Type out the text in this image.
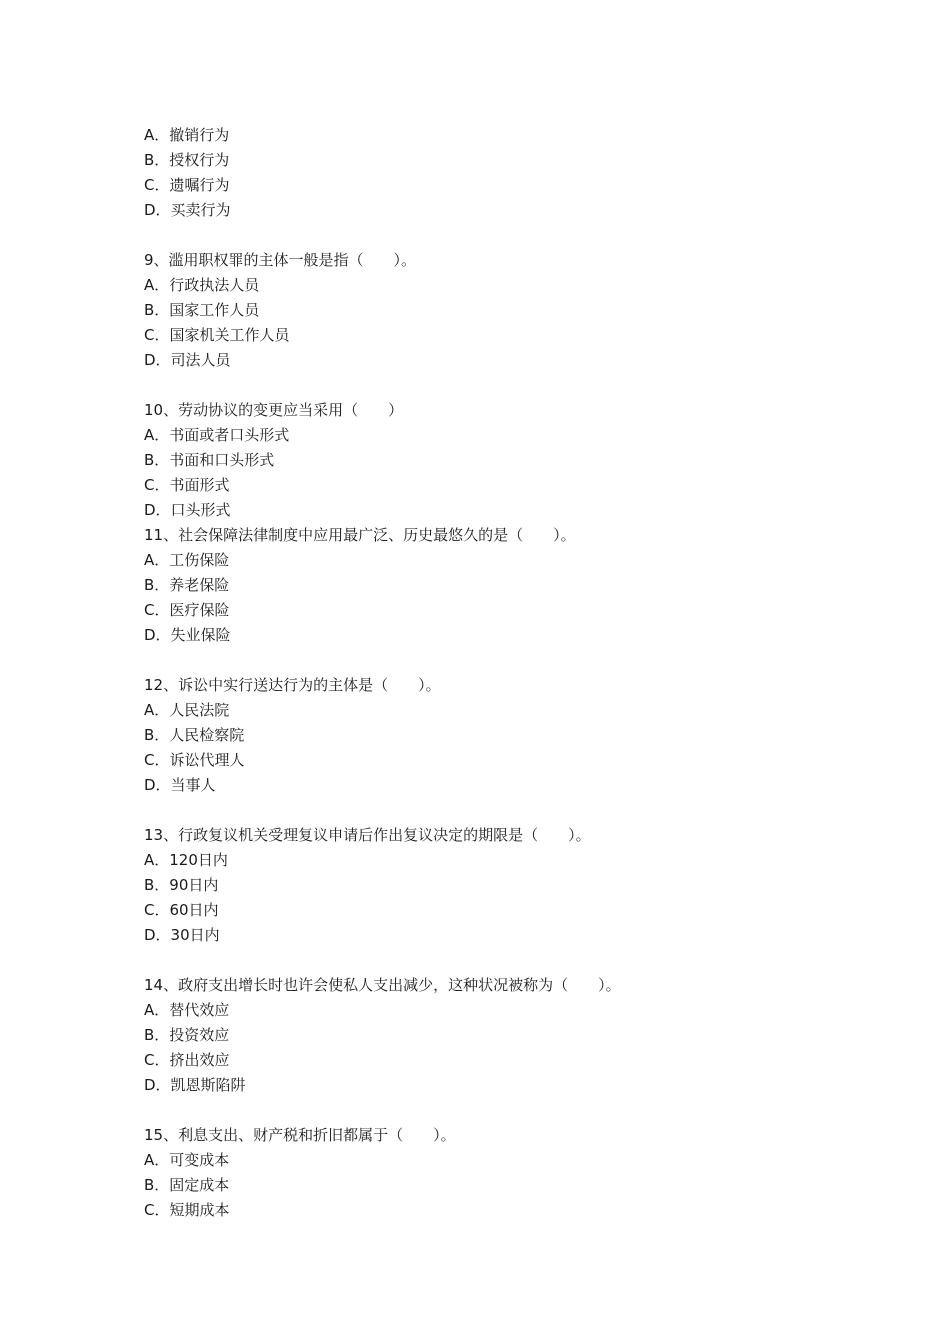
A．撤销行为
B．授权行为
C．遗嘱行为
D．买卖行为
9、滥用职权罪的主体一般是指（　　）。
A．行政执法人员
B．国家工作人员
C．国家机关工作人员
D．司法人员
10、劳动协议的变更应当采用（　　）
A．书面或者口头形式
B．书面和口头形式
C．书面形式
D．口头形式
11、社会保障法律制度中应用最广泛、历史最悠久的是（　　）。
A．工伤保险
B．养老保险
C．医疗保险
D．失业保险
12、诉讼中实行送达行为的主体是（　　）。
A．人民法院
B．人民检察院
C．诉讼代理人
D．当事人
13、行政复议机关受理复议申请后作出复议决定的期限是（　　）。
A．120日内
B．90日内
C．60日内
D．30日内
14、政府支出增长时也许会使私人支出减少，这种状况被称为（　　）。
A．替代效应
B．投资效应
C．挤出效应
D．凯恩斯陷阱
15、利息支出、财产税和折旧都属于（　　）。
A．可变成本
B．固定成本
C．短期成本
